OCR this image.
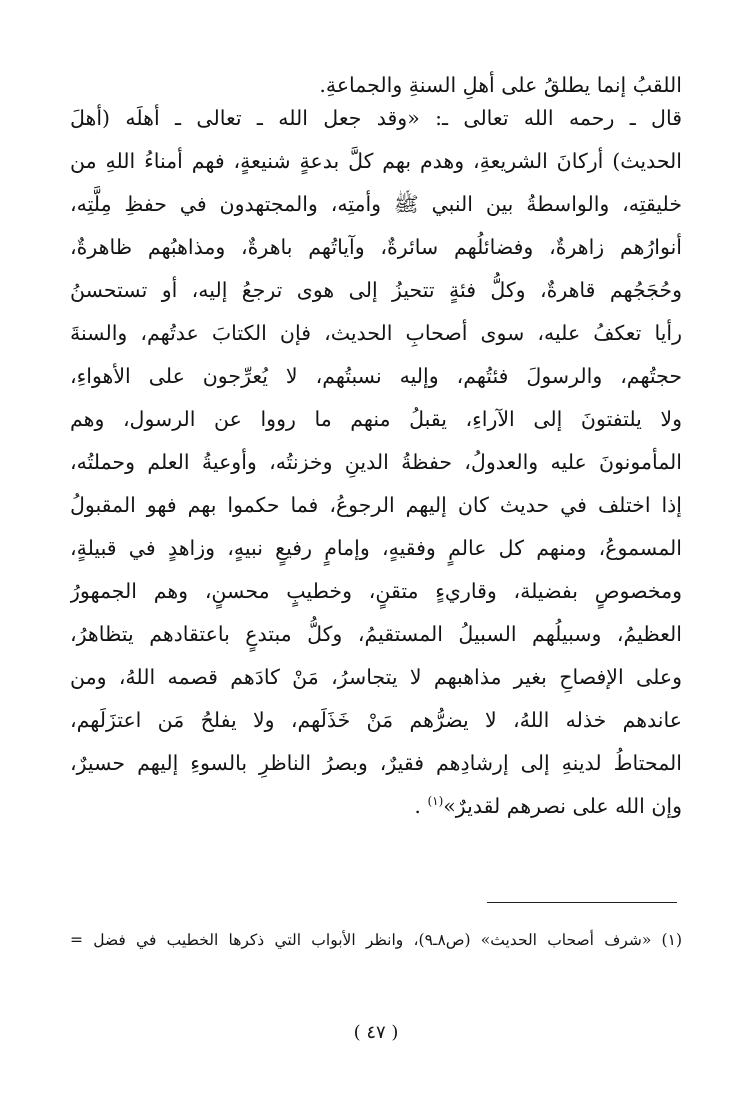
اللقبُ إنما يطلقُ على أهلِ السنةِ والجماعةِ.
قال ـ رحمه الله تعالى ـ: «وقد جعل الله ـ تعالى ـ أهلَه (أهلَ
الحديث) أركانَ الشريعةِ، وهدم بهم كلَّ بدعةٍ شنيعةٍ، فهم أمناءُ اللهِ من
خليقتِه، والواسطةُ بين النبي ﷺ وأمتِه، والمجتهدون في حفظِ مِلَّتِه،
أنوارُهم زاهرةٌ، وفضائلُهم سائرةٌ، وآياتُهم باهرةٌ، ومذاهبُهم ظاهرةٌ،
وحُجَجُهم قاهرةٌ، وكلُّ فئةٍ تتحيزُ إلى هوى ترجعُ إليه، أو تستحسنُ
رأيا تعكفُ عليه، سوى أصحابِ الحديث، فإن الكتابَ عدتُهم، والسنةَ
حجتُهم، والرسولَ فئتُهم، وإليه نسبتُهم، لا يُعرِّجون على الأهواءِ،
ولا يلتفتونَ إلى الآراءِ، يقبلُ منهم ما رووا عن الرسول، وهم
المأمونونَ عليه والعدولُ، حفظةُ الدينِ وخزنتُه، وأوعيةُ العلم وحملتُه،
إذا اختلف في حديث كان إليهم الرجوعُ، فما حكموا بهم فهو المقبولُ
المسموعُ، ومنهم كل عالمٍ وفقيهٍ، وإمامٍ رفيعٍ نبيهٍ، وزاهدٍ في قبيلةٍ،
ومخصوصٍ بفضيلة، وقاريءٍ متقنٍ، وخطيبٍ محسنٍ، وهم الجمهورُ
العظيمُ، وسبيلُهم السبيلُ المستقيمُ، وكلُّ مبتدعٍ باعتقادهم يتظاهرُ،
وعلى الإفصاحِ بغير مذاهبهم لا يتجاسرُ، مَنْ كادَهم قصمه اللهُ، ومن
عاندهم خذله اللهُ، لا يضرُّهم مَنْ خَذَلَهم، ولا يفلحُ مَن اعتزَلَهم،
المحتاطُ لدينهِ إلى إرشادِهم فقيرٌ، وبصرُ الناظرِ بالسوءِ إليهم حسيرٌ،
وإن الله على نصرهم لقديرٌ»$^{(١)}$ .
(١) «شرف أصحاب الحديث» (ص٨ـ٩)، وانظر الأبواب التي ذكرها الخطيب في فضل =
( ٤٧ )
